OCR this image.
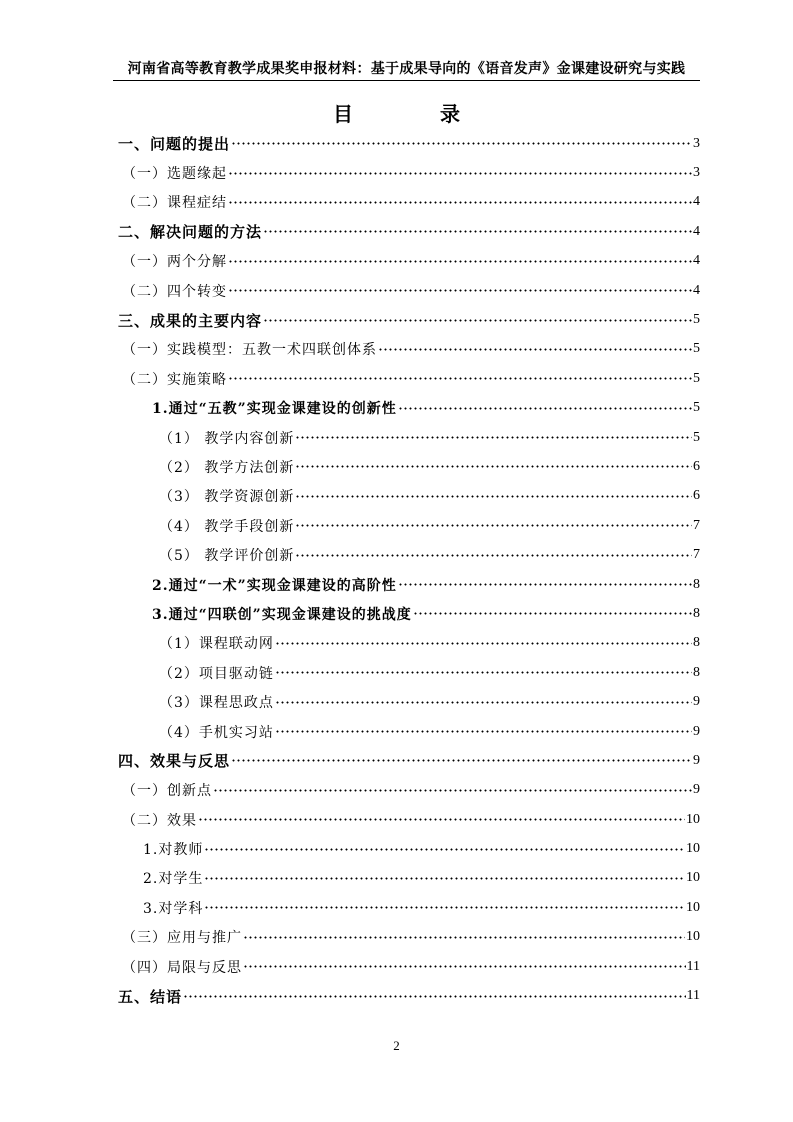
河南省高等教育教学成果奖申报材料：基于成果导向的《语音发声》金课建设研究与实践
目 录
一、问题的提出	3
（一）选题缘起	3
（二）课程症结	4
二、解决问题的方法	4
（一）两个分解	4
（二）四个转变	4
三、成果的主要内容	5
（一）实践模型：五教一术四联创体系	5
（二）实施策略	5
1.通过“五教”实现金课建设的创新性	5
（1） 教学内容创新	5
（2） 教学方法创新	6
（3） 教学资源创新	6
（4） 教学手段创新	7
（5） 教学评价创新	7
2.通过“一术”实现金课建设的高阶性	8
3.通过“四联创”实现金课建设的挑战度	8
（1）课程联动网	8
（2）项目驱动链	8
（3）课程思政点	9
（4）手机实习站	9
四、效果与反思	9
（一）创新点	9
（二）效果	10
1.对教师	10
2.对学生	10
3.对学科	10
（三）应用与推广	10
（四）局限与反思	11
五、结语	11
2
